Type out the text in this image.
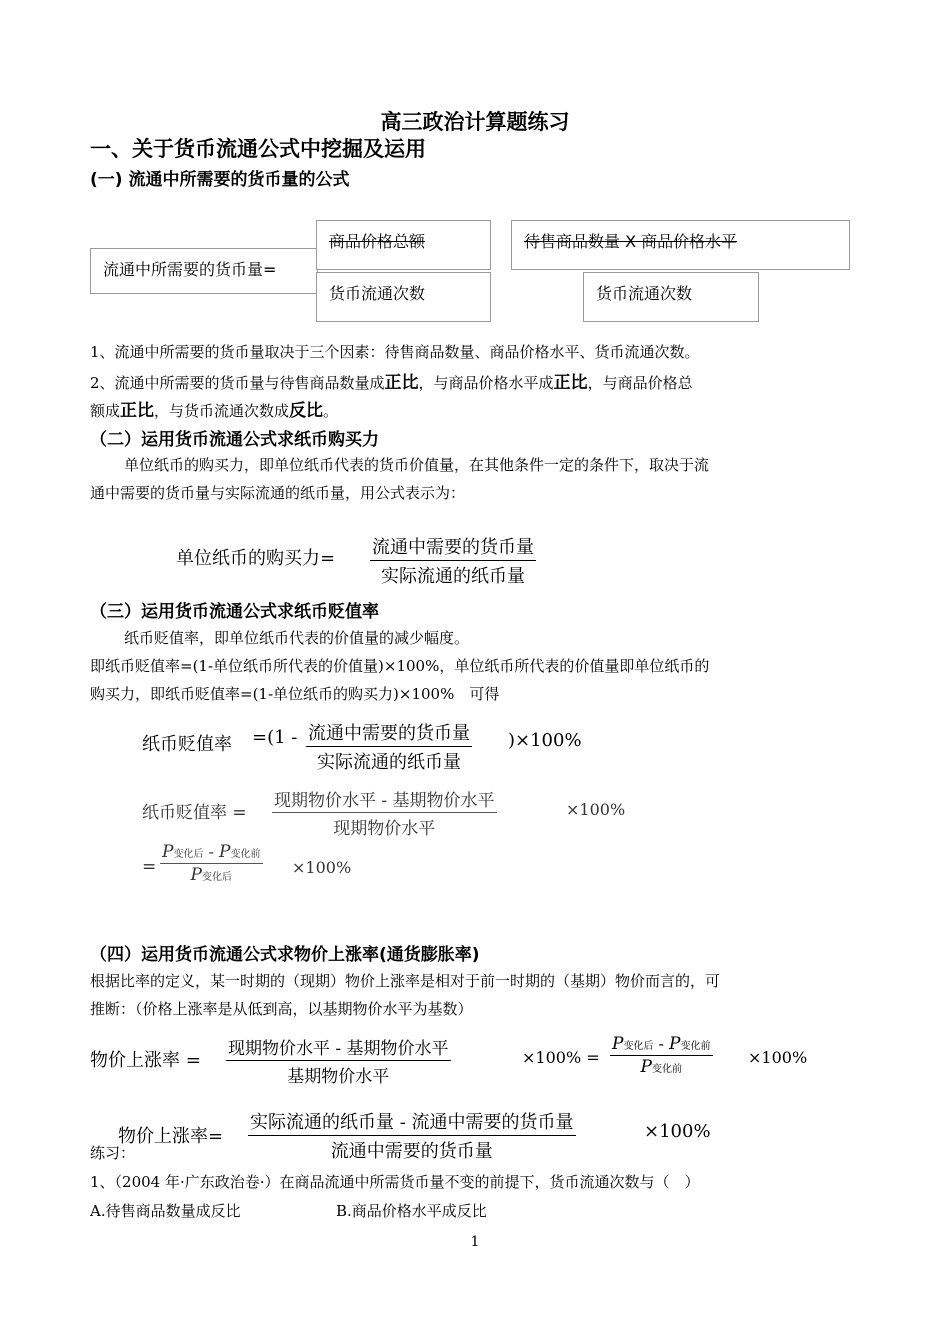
高三政治计算题练习
一、关于货币流通公式中挖掘及运用
(一) 流通中所需要的货币量的公式
流通中所需要的货币量=
商品价格总额
货币流通次数
待售商品数量 X 商品价格水平
货币流通次数
1、流通中所需要的货币量取决于三个因素：待售商品数量、商品价格水平、货币流通次数。
2、流通中所需要的货币量与待售商品数量成正比，与商品价格水平成正比，与商品价格总
额成正比，与货币流通次数成反比。
（二）运用货币流通公式求纸币购买力
单位纸币的购买力，即单位纸币代表的货币价值量，在其他条件一定的条件下，取决于流
通中需要的货币量与实际流通的纸币量，用公式表示为：
单位纸币的购买力=
流通中需要的货币量
实际流通的纸币量
（三）运用货币流通公式求纸币贬值率
纸币贬值率，即单位纸币代表的价值量的减少幅度。
即纸币贬值率=(1-单位纸币所代表的价值量)×100%，单位纸币所代表的价值量即单位纸币的
购买力，即纸币贬值率=(1-单位纸币的购买力)×100%　可得
纸币贬值率 =(1 - 流通中需要的货币量
实际流通的纸币量
)×100%
纸币贬值率 =
现期物价水平 - 基期物价水平
现期物价水平
×100%
=
P变化后 - P变化前
P变化后
×100%
（四）运用货币流通公式求物价上涨率(通货膨胀率)
根据比率的定义，某一时期的（现期）物价上涨率是相对于前一时期的（基期）物价而言的，可
推断：（价格上涨率是从低到高，以基期物价水平为基数）
物价上涨率 =
现期物价水平 - 基期物价水平
基期物价水平
×100% =
P变化后 - P变化前
P变化前
×100%
物价上涨率=
实际流通的纸币量 - 流通中需要的货币量
流通中需要的货币量
×100%
练习：
1、（2004 年·广东政治卷·）在商品流通中所需货币量不变的前提下，货币流通次数与（　）
A.待售商品数量成反比	B.商品价格水平成反比
1
